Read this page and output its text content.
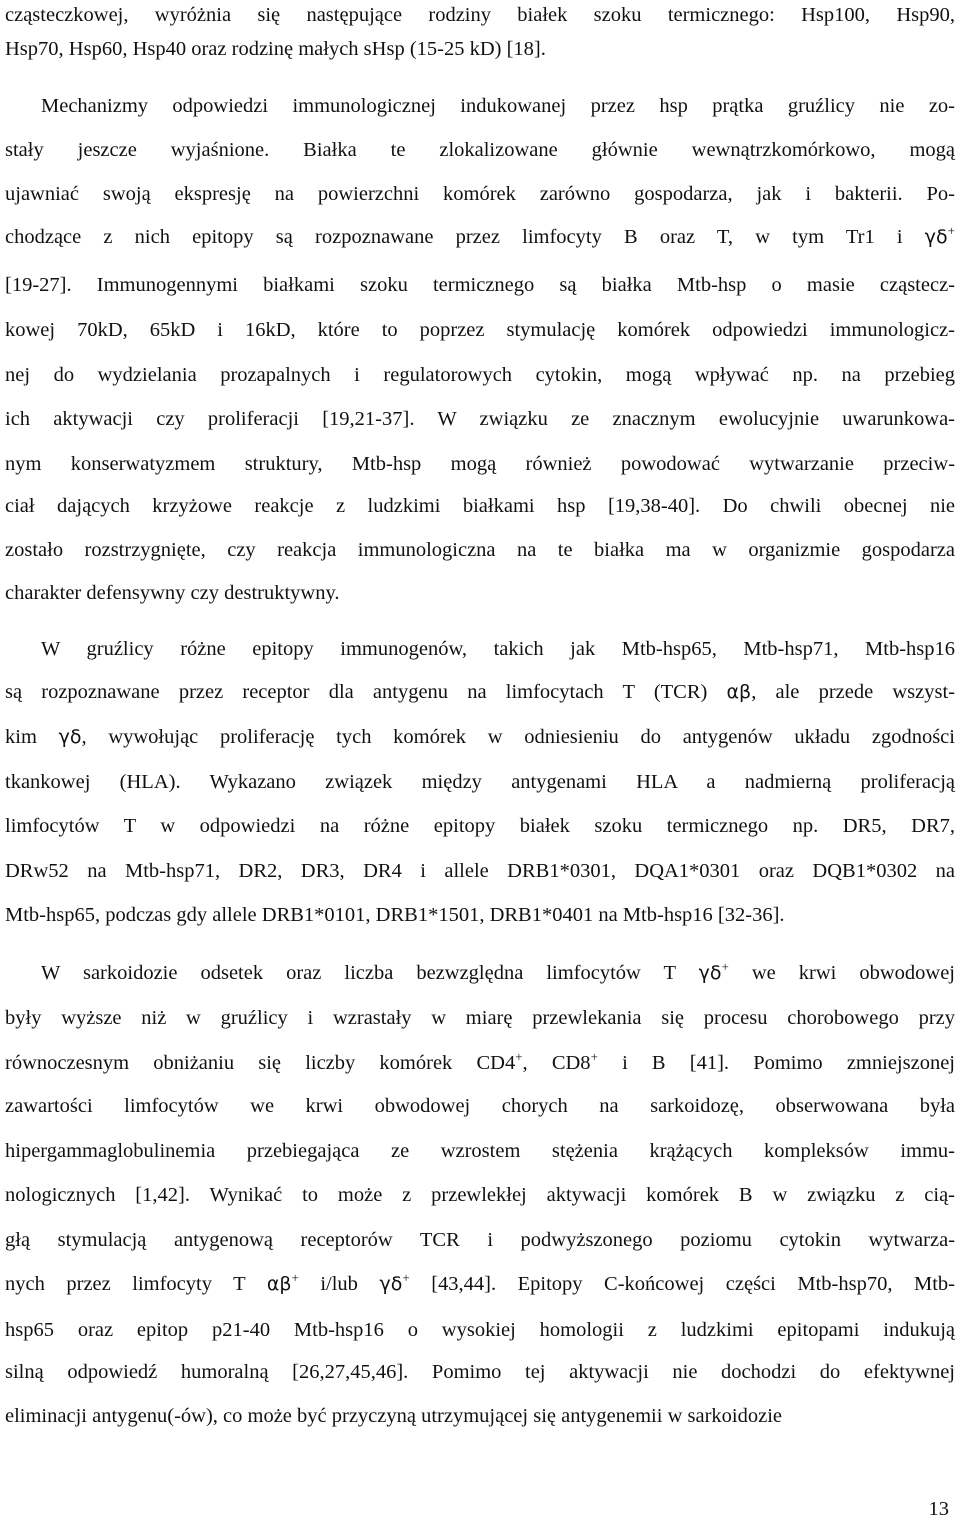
cząsteczkowej, wyróżnia się następujące rodziny białek szoku termicznego: Hsp100, Hsp90,
Hsp70, Hsp60, Hsp40 oraz rodzinę małych sHsp (15-25 kD) [18].
Mechanizmy odpowiedzi immunologicznej indukowanej przez hsp prątka gruźlicy nie zo-
stały jeszcze wyjaśnione. Białka te zlokalizowane głównie wewnątrzkomórkowo, mogą
ujawniać swoją ekspresję na powierzchni komórek zarówno gospodarza, jak i bakterii. Po-
chodzące z nich epitopy są rozpoznawane przez limfocyty B oraz T, w tym Tr1 i γδ+
[19-27]. Immunogennymi białkami szoku termicznego są białka Mtb-hsp o masie cząstecz-
kowej 70kD, 65kD i 16kD, które to poprzez stymulację komórek odpowiedzi immunologicz-
nej do wydzielania prozapalnych i regulatorowych cytokin, mogą wpływać np. na przebieg
ich aktywacji czy proliferacji [19,21-37]. W związku ze znacznym ewolucyjnie uwarunkowa-
nym konserwatyzmem struktury, Mtb-hsp mogą również powodować wytwarzanie przeciw-
ciał dających krzyżowe reakcje z ludzkimi białkami hsp [19,38-40]. Do chwili obecnej nie
zostało rozstrzygnięte, czy reakcja immunologiczna na te białka ma w organizmie gospodarza
charakter defensywny czy destruktywny.
W gruźlicy różne epitopy immunogenów, takich jak Mtb-hsp65, Mtb-hsp71, Mtb-hsp16
są rozpoznawane przez receptor dla antygenu na limfocytach T (TCR) αβ, ale przede wszyst-
kim γδ, wywołując proliferację tych komórek w odniesieniu do antygenów układu zgodności
tkankowej (HLA). Wykazano związek między antygenami HLA a nadmierną proliferacją
limfocytów T w odpowiedzi na różne epitopy białek szoku termicznego np. DR5, DR7,
DRw52 na Mtb-hsp71, DR2, DR3, DR4 i allele DRB1*0301, DQA1*0301 oraz DQB1*0302 na
Mtb-hsp65, podczas gdy allele DRB1*0101, DRB1*1501, DRB1*0401 na Mtb-hsp16 [32-36].
W sarkoidozie odsetek oraz liczba bezwzględna limfocytów T γδ+ we krwi obwodowej
były wyższe niż w gruźlicy i wzrastały w miarę przewlekania się procesu chorobowego przy
równoczesnym obniżaniu się liczby komórek CD4+, CD8+ i B [41]. Pomimo zmniejszonej
zawartości limfocytów we krwi obwodowej chorych na sarkoidozę, obserwowana była
hipergammaglobulinemia przebiegająca ze wzrostem stężenia krążących kompleksów immu-
nologicznych [1,42]. Wynikać to może z przewlekłej aktywacji komórek B w związku z cią-
głą stymulacją antygenową receptorów TCR i podwyższonego poziomu cytokin wytwarza-
nych przez limfocyty T αβ+ i/lub γδ+ [43,44]. Epitopy C-końcowej części Mtb-hsp70, Mtb-
hsp65 oraz epitop p21-40 Mtb-hsp16 o wysokiej homologii z ludzkimi epitopami indukują
silną odpowiedź humoralną [26,27,45,46]. Pomimo tej aktywacji nie dochodzi do efektywnej
eliminacji antygenu(-ów), co może być przyczyną utrzymującej się antygenemii w sarkoidozie
13
